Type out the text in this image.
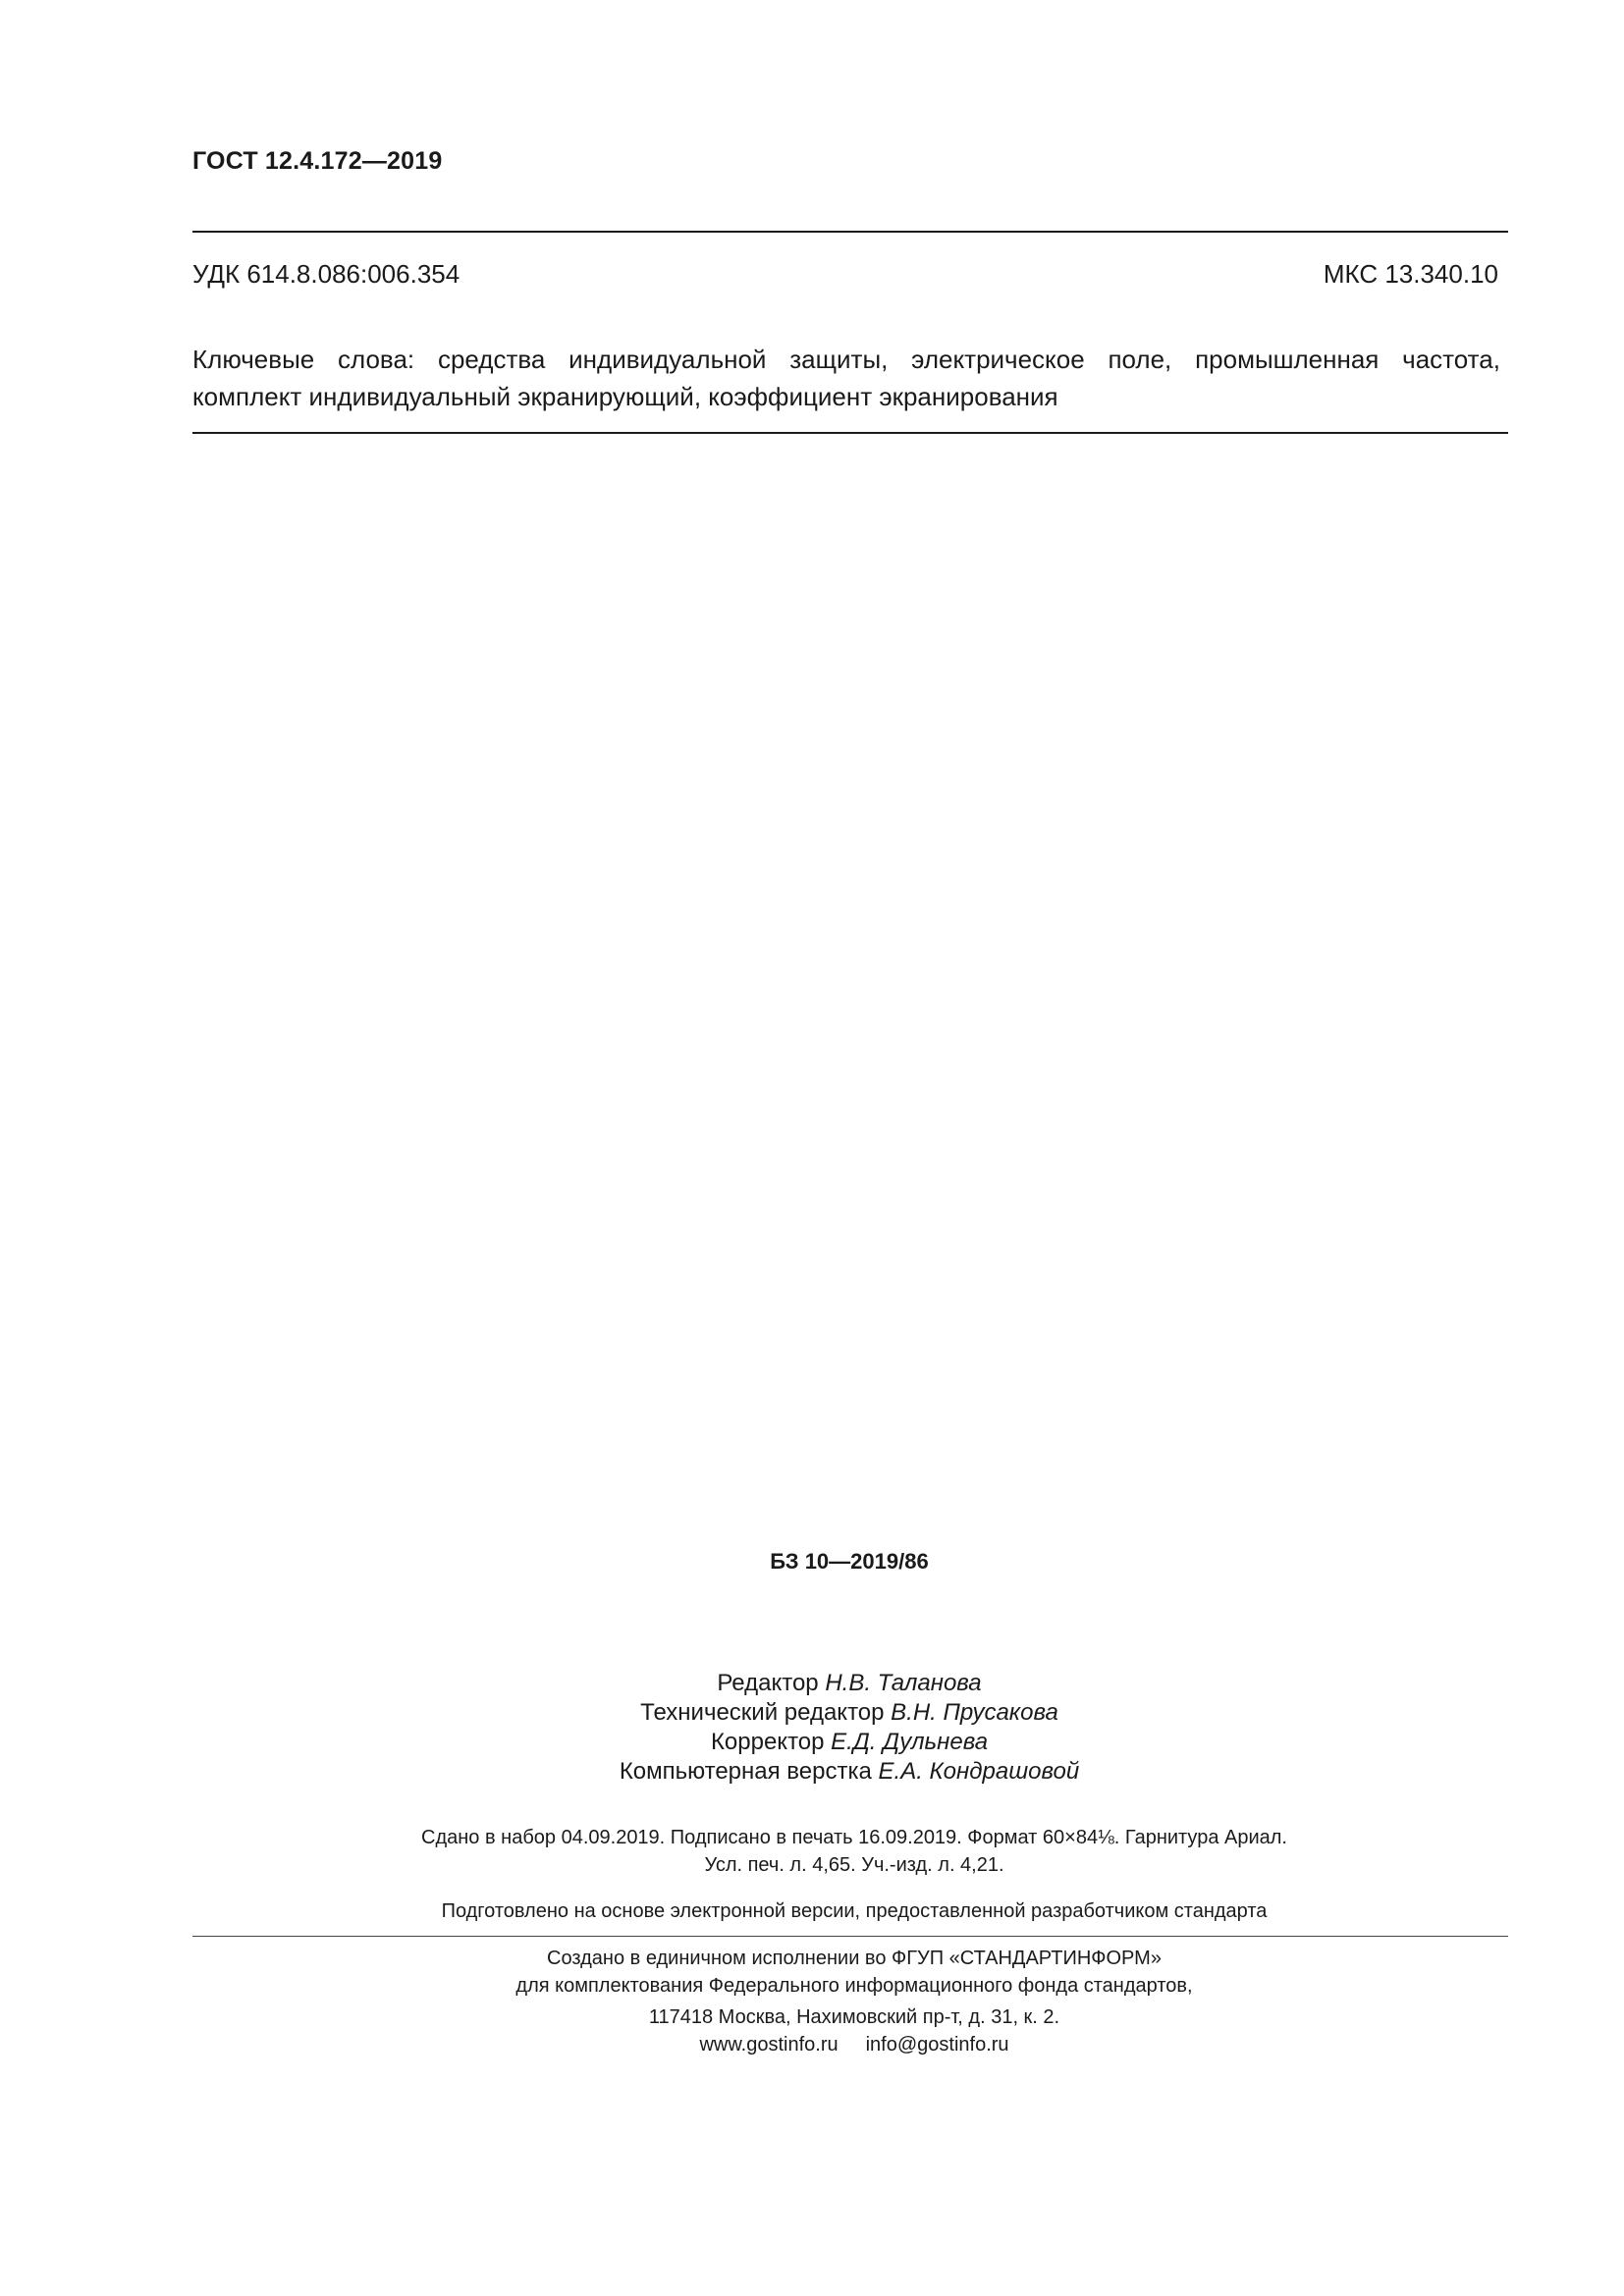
ГОСТ 12.4.172—2019
УДК 614.8.086:006.354	МКС 13.340.10
Ключевые слова: средства индивидуальной защиты, электрическое поле, промышленная частота,
комплект индивидуальный экранирующий, коэффициент экранирования
БЗ 10—2019/86
Редактор Н.В. Таланова
Технический редактор В.Н. Прусакова
Корректор Е.Д. Дульнева
Компьютерная верстка Е.А. Кондрашовой
Сдано в набор 04.09.2019. Подписано в печать 16.09.2019. Формат 60×84⅛. Гарнитура Ариал.
Усл. печ. л. 4,65. Уч.-изд. л. 4,21.
Подготовлено на основе электронной версии, предоставленной разработчиком стандарта
Создано в единичном исполнении во ФГУП «СТАНДАРТИНФОРМ»
для комплектования Федерального информационного фонда стандартов,
117418 Москва, Нахимовский пр-т, д. 31, к. 2.
www.gostinfo.ru info@gostinfo.ru
